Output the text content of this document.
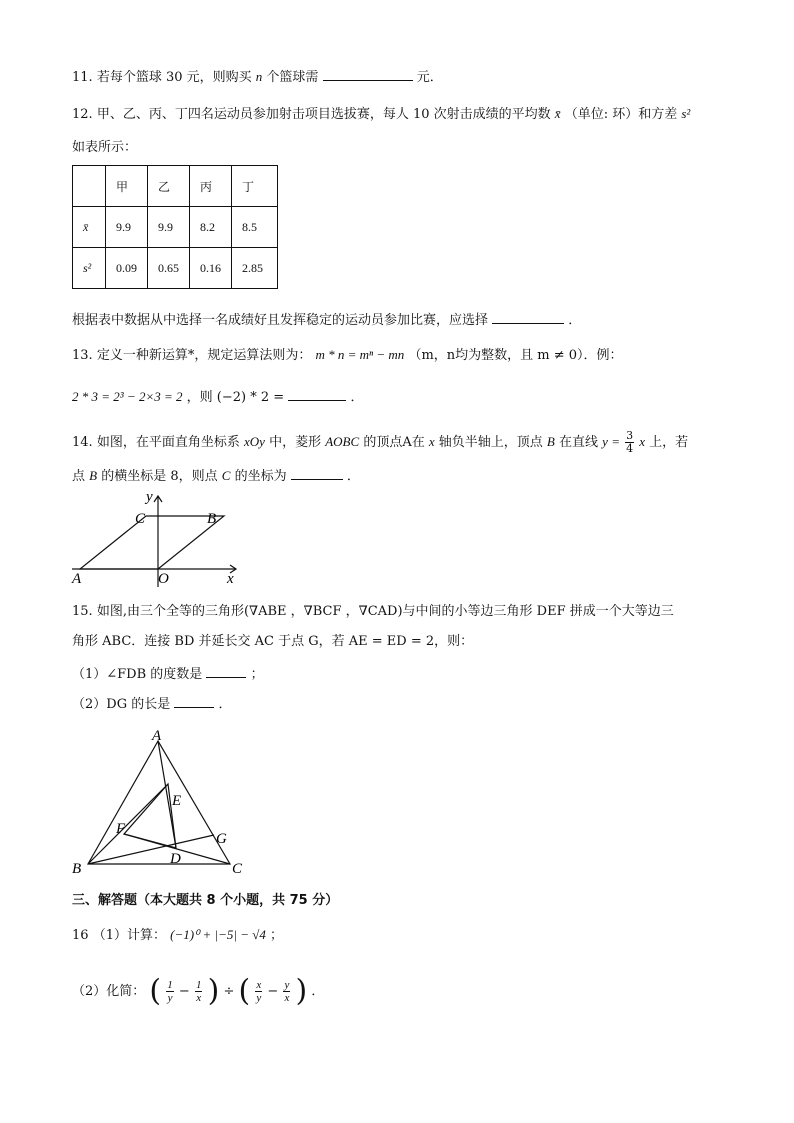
11. 若每个篮球 30 元，则购买 n 个篮球需	元．
12. 甲、乙、丙、丁四名运动员参加射击项目选拔赛，每人 10 次射击成绩的平均数 x̄ （单位: 环）和方差 s²
如表所示：
	甲	乙	丙	丁
x̄	9.9	9.9	8.2	8.5
s²	0.09	0.65	0.16	2.85
根据表中数据从中选择一名成绩好且发挥稳定的运动员参加比赛，应选择	．
13. 定义一种新运算*，规定运算法则为： m * n = mⁿ − mn （m，n均为整数，且 m ≠ 0）．例：
2 * 3 = 2³ − 2×3 = 2 ，则 (−2) * 2 =	．
14. 如图，在平面直角坐标系 xOy 中，菱形 AOBC 的顶点A在 x 轴负半轴上，顶点 B 在直线 $y = \frac{3}{4}$ x 上，若
点 B 的横坐标是 8，则点 C 的坐标为	．
y
x
A	O
C	B
15. 如图,由三个全等的三角形(∇ABE ，∇BCF ，∇CAD)与中间的小等边三角形 DEF 拼成一个大等边三
角形 ABC．连接 BD 并延长交 AC 于点 G，若 AE = ED = 2，则：
（1）∠FDB 的度数是	；
（2）DG 的长是	．
A
B	C
E
F
G
D
三、解答题（本大题共 8 个小题，共 75 分）
16 （1）计算： (−1)⁰ + |−5| − √4 ；
（2）化简： ( $\frac{1}{y} - \frac{1}{x}$ ) ÷ ( $\frac{x}{y} - \frac{y}{x}$ ) ．
